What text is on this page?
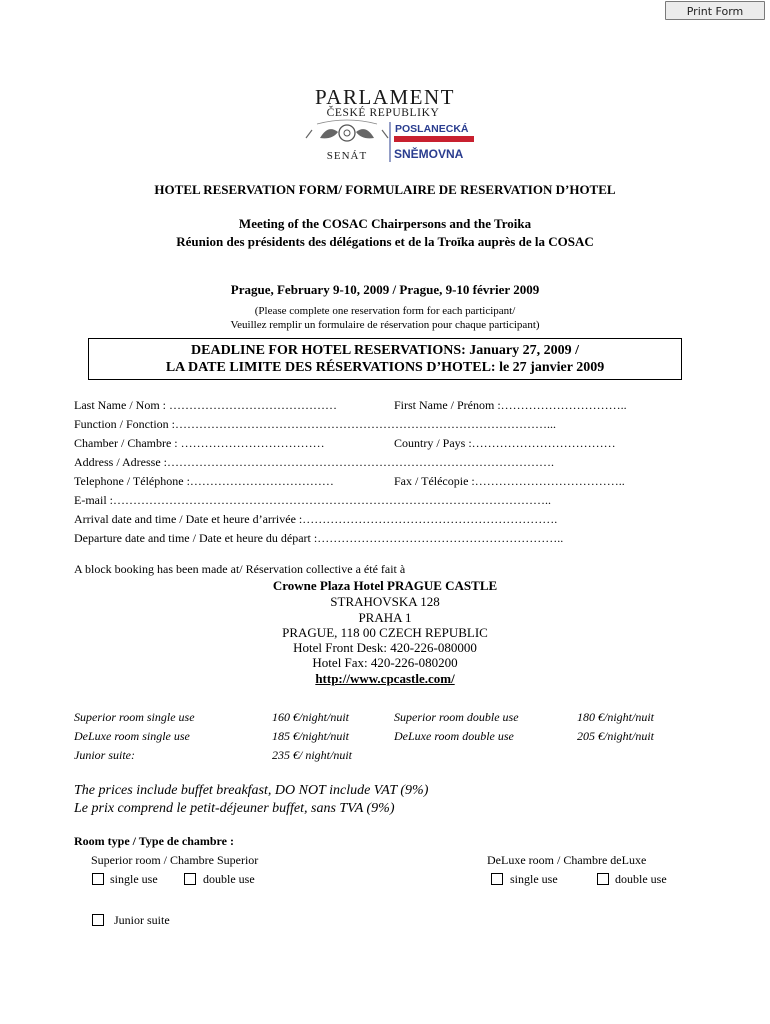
Print Form
PARLAMENT
ČESKÉ REPUBLIKY
SENÁT
POSLANECKÁ
SNĚMOVNA
HOTEL RESERVATION FORM/ FORMULAIRE DE RESERVATION D’HOTEL
Meeting of the COSAC Chairpersons and the Troika
Réunion des présidents des délégations et de la Troïka auprès de la COSAC
Prague, February 9-10, 2009 / Prague, 9-10 février 2009
(Please complete one reservation form for each participant/
Veuillez remplir un formulaire de réservation pour chaque participant)
DEADLINE FOR HOTEL RESERVATIONS: January 27, 2009 /
LA DATE LIMITE DES RÉSERVATIONS D’HOTEL: le 27 janvier 2009
Last Name / Nom : ……………………………………	First Name / Prénom :…………………………..
Function / Fonction :…………………………………………………………………………………...
Chamber / Chambre : ………………………………	Country / Pays :………………………………
Address / Adresse :…………………………………………………………………………………….
Telephone / Téléphone :………………………………	Fax / Télécopie :………………………………..
E-mail :………………………………………………………………………………………………..
Arrival date and time / Date et heure d’arrivée :……………………………………………………….
Departure date and time / Date et heure du départ :……………………………………………………..
A block booking has been made at/ Réservation collective a été fait à
Crowne Plaza Hotel PRAGUE CASTLE
STRAHOVSKA 128
PRAHA 1
PRAGUE, 118 00 CZECH REPUBLIC
Hotel Front Desk: 420-226-080000
Hotel Fax: 420-226-080200
http://www.cpcastle.com/
Superior room single use	160 €/night/nuit	Superior room double use	180 €/night/nuit
DeLuxe room single use	185 €/night/nuit	DeLuxe room double use	205 €/night/nuit
Junior suite:	235 €/ night/nuit
The prices include buffet breakfast, DO NOT include VAT (9%)
Le prix comprend le petit-déjeuner buffet, sans TVA (9%)
Room type / Type de chambre :
Superior room / Chambre Superior	DeLuxe room / Chambre deLuxe
single use	double use	single use	double use
Junior suite
